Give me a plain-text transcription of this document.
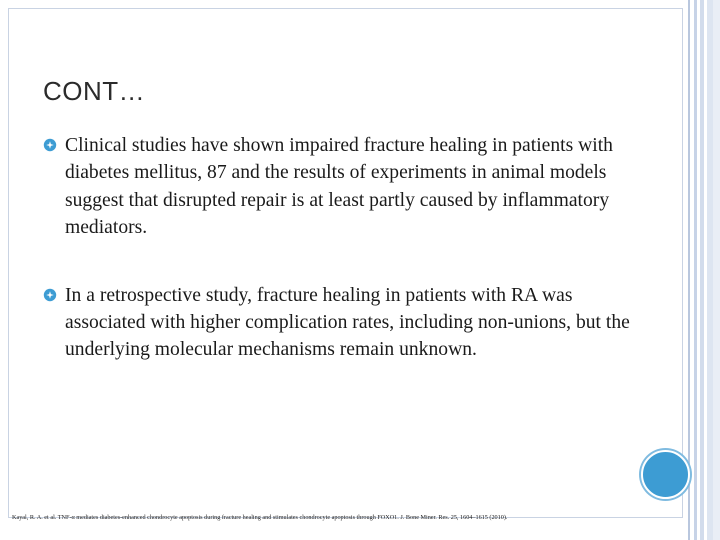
CONT…
Clinical studies have shown impaired fracture healing in patients with diabetes mellitus, 87 and the results of experiments in animal models suggest that disrupted repair is at least partly caused by inflammatory mediators.
In a retrospective study, fracture healing in patients with RA was associated with higher complication rates, including non-unions, but the underlying molecular mechanisms remain unknown.
Kayal, R. A. et al. TNF-α mediates diabetes-enhanced chondrocyte apoptosis during fracture healing and stimulates chondrocyte apoptosis through FOXO1. J. Bone Miner. Res. 25, 1604–1615 (2010).
